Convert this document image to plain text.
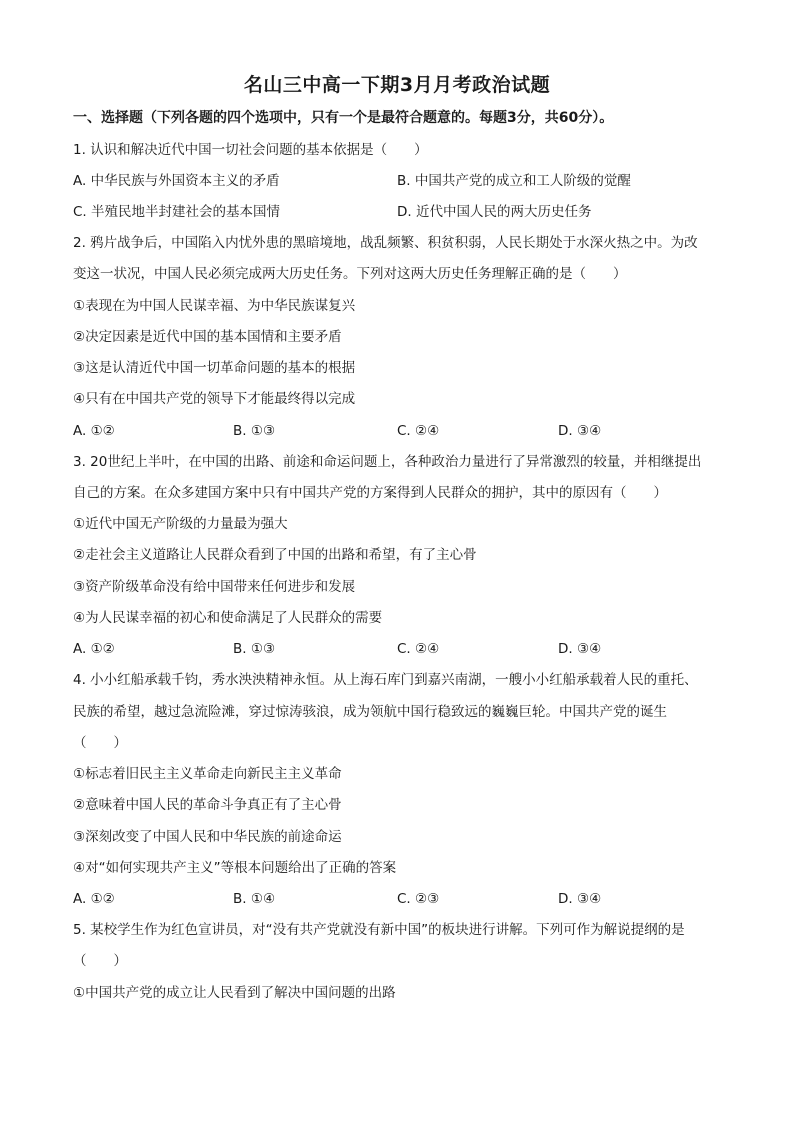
名山三中高一下期3月月考政治试题
一、选择题（下列各题的四个选项中，只有一个是最符合题意的。每题3分，共60分）。
1. 认识和解决近代中国一切社会问题的基本依据是（　　）
A. 中华民族与外国资本主义的矛盾	B. 中国共产党的成立和工人阶级的觉醒
C. 半殖民地半封建社会的基本国情	D. 近代中国人民的两大历史任务
2. 鸦片战争后，中国陷入内忧外患的黑暗境地，战乱频繁、积贫积弱，人民长期处于水深火热之中。为改
变这一状况，中国人民必须完成两大历史任务。下列对这两大历史任务理解正确的是（　　）
①表现在为中国人民谋幸福、为中华民族谋复兴
②决定因素是近代中国的基本国情和主要矛盾
③这是认清近代中国一切革命问题的基本的根据
④只有在中国共产党的领导下才能最终得以完成
A. ①②	B. ①③	C. ②④	D. ③④
3. 20世纪上半叶，在中国的出路、前途和命运问题上，各种政治力量进行了异常激烈的较量，并相继提出
自己的方案。在众多建国方案中只有中国共产党的方案得到人民群众的拥护，其中的原因有（　　）
①近代中国无产阶级的力量最为强大
②走社会主义道路让人民群众看到了中国的出路和希望，有了主心骨
③资产阶级革命没有给中国带来任何进步和发展
④为人民谋幸福的初心和使命满足了人民群众的需要
A. ①②	B. ①③	C. ②④	D. ③④
4. 小小红船承载千钧，秀水泱泱精神永恒。从上海石库门到嘉兴南湖，一艘小小红船承载着人民的重托、
民族的希望，越过急流险滩，穿过惊涛骇浪，成为领航中国行稳致远的巍巍巨轮。中国共产党的诞生
（　　）
①标志着旧民主主义革命走向新民主主义革命
②意味着中国人民的革命斗争真正有了主心骨
③深刻改变了中国人民和中华民族的前途命运
④对“如何实现共产主义”等根本问题给出了正确的答案
A. ①②	B. ①④	C. ②③	D. ③④
5. 某校学生作为红色宣讲员，对“没有共产党就没有新中国”的板块进行讲解。下列可作为解说提纲的是
（　　）
①中国共产党的成立让人民看到了解决中国问题的出路
